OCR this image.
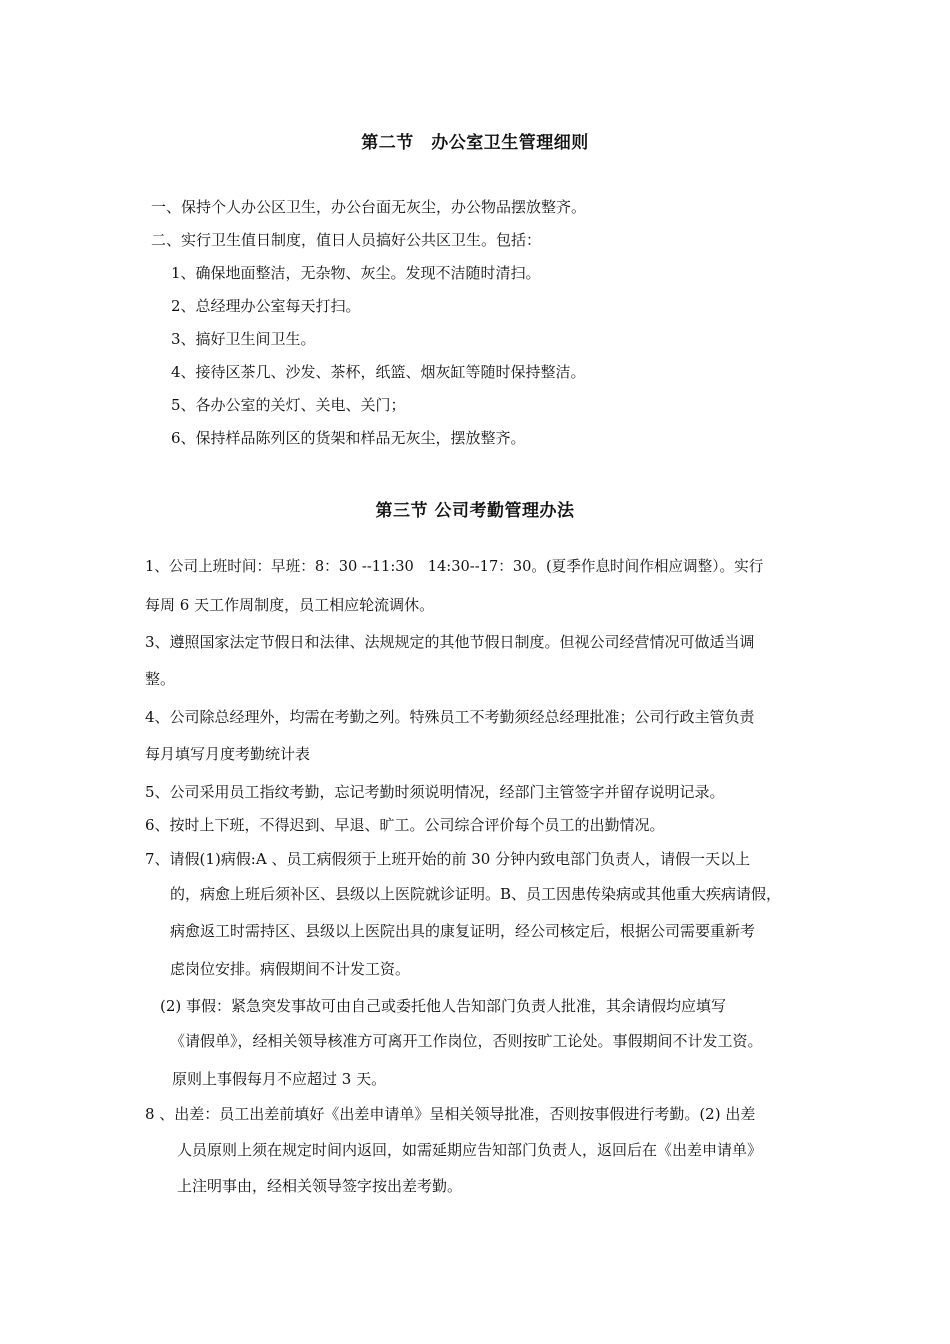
第二节　办公室卫生管理细则
一、保持个人办公区卫生，办公台面无灰尘，办公物品摆放整齐。
二、实行卫生值日制度，值日人员搞好公共区卫生。包括：
1、确保地面整洁，无杂物、灰尘。发现不洁随时清扫。
2、总经理办公室每天打扫。
3、搞好卫生间卫生。
4、接待区茶几、沙发、茶杯，纸篮、烟灰缸等随时保持整洁。
5、各办公室的关灯、关电、关门；
6、保持样品陈列区的货架和样品无灰尘，摆放整齐。
第三节 公司考勤管理办法
1、公司上班时间：早班：8：30 --11:30   14:30--17：30。(夏季作息时间作相应调整）。实行
每周 6 天工作周制度，员工相应轮流调休。
3、遵照国家法定节假日和法律、法规规定的其他节假日制度。但视公司经营情况可做适当调
整。
4、公司除总经理外，均需在考勤之列。特殊员工不考勤须经总经理批准；公司行政主管负责
每月填写月度考勤统计表
5、公司采用员工指纹考勤，忘记考勤时须说明情况，经部门主管签字并留存说明记录。
6、按时上下班，不得迟到、早退、旷工。公司综合评价每个员工的出勤情况。
7、请假(1)病假:A 、员工病假须于上班开始的前 30 分钟内致电部门负责人，请假一天以上
的，病愈上班后须补区、县级以上医院就诊证明。B、员工因患传染病或其他重大疾病请假，
病愈返工时需持区、县级以上医院出具的康复证明，经公司核定后，根据公司需要重新考
虑岗位安排。病假期间不计发工资。
(2) 事假：紧急突发事故可由自己或委托他人告知部门负责人批准，其余请假均应填写
《请假单》，经相关领导核准方可离开工作岗位，否则按旷工论处。事假期间不计发工资。
原则上事假每月不应超过 3 天。
8 、出差：员工出差前填好《出差申请单》呈相关领导批准，否则按事假进行考勤。(2) 出差
人员原则上须在规定时间内返回，如需延期应告知部门负责人，返回后在《出差申请单》
上注明事由，经相关领导签字按出差考勤。
